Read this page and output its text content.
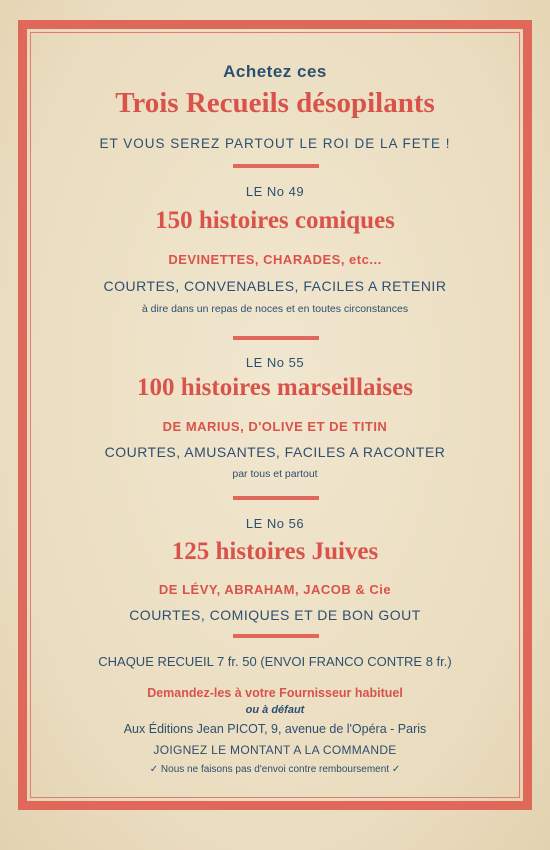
Achetez ces
Trois Recueils désopilants
ET VOUS SEREZ PARTOUT LE ROI DE LA FETE !
LE No 49
150 histoires comiques
DEVINETTES, CHARADES, etc...
COURTES, CONVENABLES, FACILES A RETENIR
à dire dans un repas de noces et en toutes circonstances
LE No 55
100 histoires marseillaises
DE MARIUS, D'OLIVE ET DE TITIN
COURTES, AMUSANTES, FACILES A RACONTER
par tous et partout
LE No 56
125 histoires Juives
DE LÉVY, ABRAHAM, JACOB & Cie
COURTES, COMIQUES ET DE BON GOUT
CHAQUE RECUEIL 7 fr. 50 (ENVOI FRANCO CONTRE 8 fr.)
Demandez-les à votre Fournisseur habituel
ou à défaut
Aux Éditions Jean PICOT, 9, avenue de l'Opéra - Paris
JOIGNEZ LE MONTANT A LA COMMANDE
✓ Nous ne faisons pas d'envoi contre remboursement ✓
